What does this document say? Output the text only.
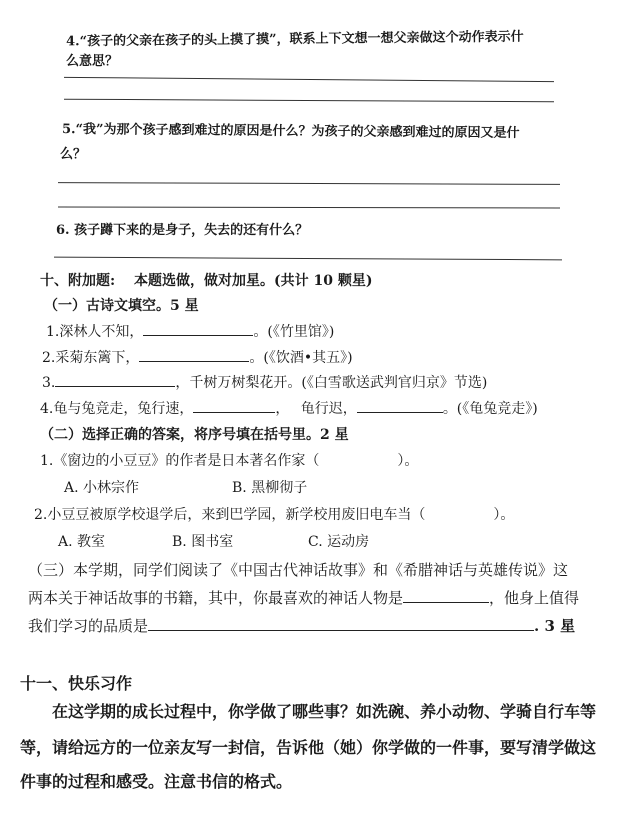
4.“孩子的父亲在孩子的头上摸了摸”，联系上下文想一想父亲做这个动作表示什
么意思？
5.“我”为那个孩子感到难过的原因是什么？为孩子的父亲感到难过的原因又是什
么？
6. 孩子蹲下来的是身子，失去的还有什么？
十、附加题:　 本题选做，做对加星。(共计 10 颗星)
（一）古诗文填空。5 星
1.深林人不知，	。(《竹里馆》)
2.采菊东篱下，	。(《饮酒•其五》)
3.	，千树万树梨花开。(《白雪歌送武判官归京》节选)
4.龟与兔竞走，兔行速，	，　 龟行迟，	。(《龟兔竞走》)
（二）选择正确的答案，将序号填在括号里。2 星
1.《窗边的小豆豆》的作者是日本著名作家（	）。
A. 小林宗作	B. 黑柳彻子
2.小豆豆被原学校退学后，来到巴学园，新学校用废旧电车当（	）。
A. 教室	B. 图书室	C. 运动房
（三）本学期，同学们阅读了《中国古代神话故事》和《希腊神话与英雄传说》这
两本关于神话故事的书籍，其中，你最喜欢的神话人物是	，他身上值得
我们学习的品质是	. 3 星
十一、快乐习作
　　在这学期的成长过程中，你学做了哪些事？如洗碗、养小动物、学骑自行车等
等，请给远方的一位亲友写一封信，告诉他（她）你学做的一件事，要写清学做这
件事的过程和感受。注意书信的格式。
